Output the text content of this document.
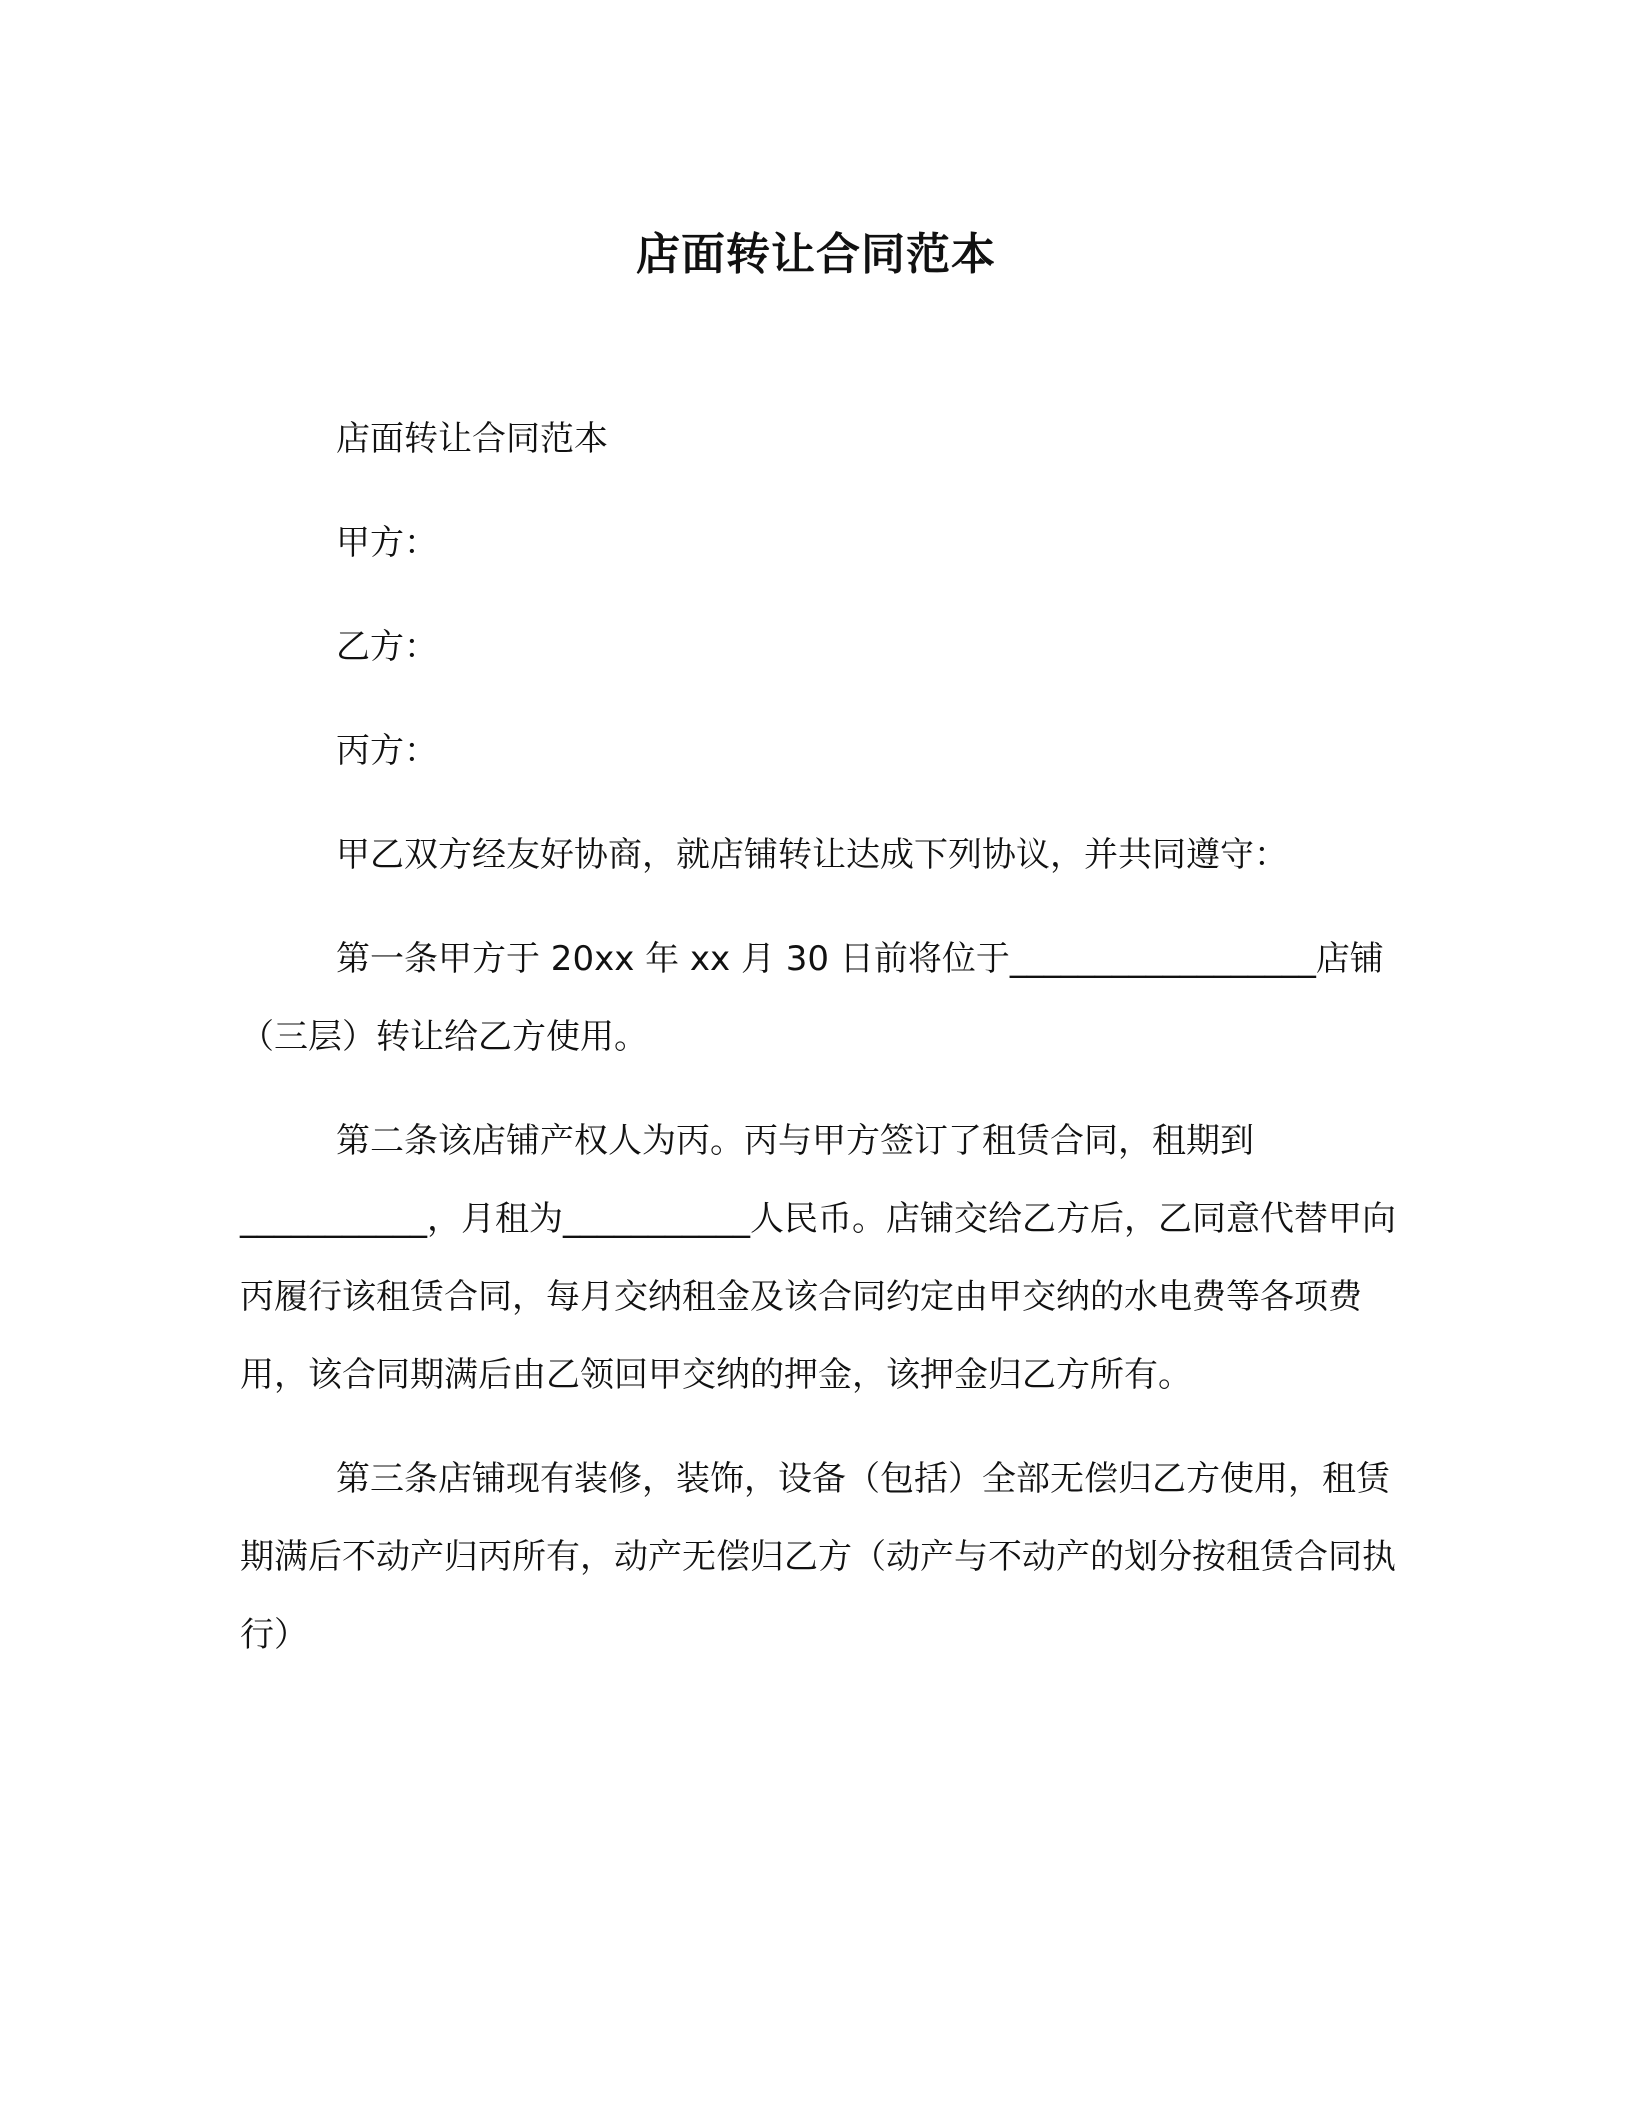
店面转让合同范本

店面转让合同范本

甲方：

乙方：

丙方：

甲乙双方经友好协商，就店铺转让达成下列协议，并共同遵守：

第一条甲方于 20xx 年 xx 月 30 日前将位于__________________店铺（三层）转让给乙方使用。

第二条该店铺产权人为丙。丙与甲方签订了租赁合同，租期到___________，月租为___________人民币。店铺交给乙方后，乙同意代替甲向丙履行该租赁合同，每月交纳租金及该合同约定由甲交纳的水电费等各项费用，该合同期满后由乙领回甲交纳的押金，该押金归乙方所有。

第三条店铺现有装修，装饰，设备（包括）全部无偿归乙方使用，租赁期满后不动产归丙所有，动产无偿归乙方（动产与不动产的划分按租赁合同执行）
